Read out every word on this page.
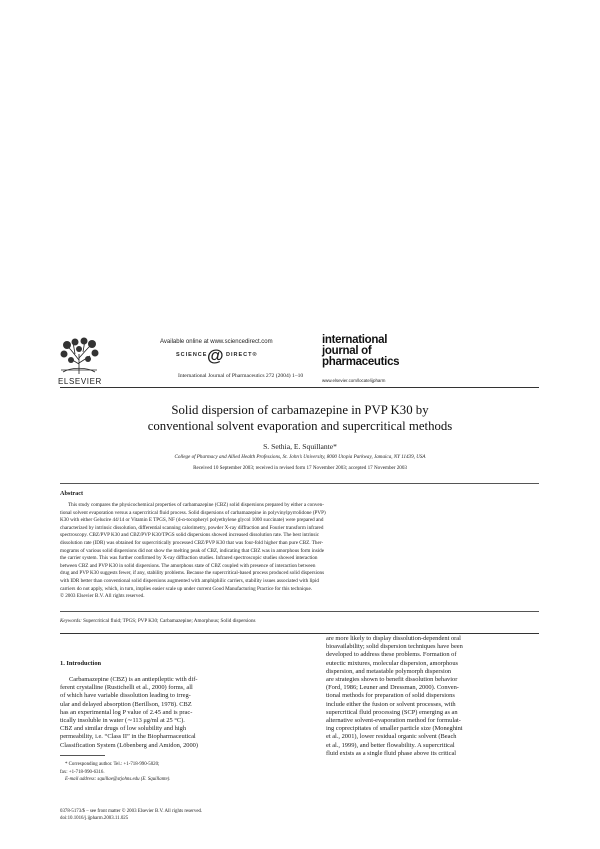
ELSEVIER
Available online at www.sciencedirect.com
SCIENCE @ DIRECT®
International Journal of Pharmaceutics 272 (2004) 1–10
international
journal of
pharmaceutics
www.elsevier.com/locate/ijpharm
Solid dispersion of carbamazepine in PVP K30 by
conventional solvent evaporation and supercritical methods
S. Sethia, E. Squillante*
College of Pharmacy and Allied Health Professions, St. John’s University, 8000 Utopia Parkway, Jamaica, NY 11439, USA
Received 10 September 2003; received in revised form 17 November 2003; accepted 17 November 2003
Abstract
This study compares the physicochemical properties of carbamazepine (CBZ) solid dispersions prepared by either a conven-
tional solvent evaporation versus a supercritical fluid process. Solid dispersions of carbamazepine in polyvinylpyrrolidone (PVP)
K30 with either Gelucire 44/14 or Vitamin E TPGS, NF (d-α-tocopheryl polyethylene glycol 1000 succinate) were prepared and
characterized by intrinsic dissolution, differential scanning calorimetry, powder X-ray diffraction and Fourier transform infrared
spectroscopy. CBZ/PVP K30 and CBZ/PVP K30/TPGS solid dispersions showed increased dissolution rate. The best intrinsic
dissolution rate (IDR) was obtained for supercritically processed CBZ/PVP K30 that was four-fold higher than pure CBZ. Ther-
mograms of various solid dispersions did not show the melting peak of CBZ, indicating that CBZ was in amorphous form inside
the carrier system. This was further confirmed by X-ray diffraction studies. Infrared spectroscopic studies showed interaction
between CBZ and PVP K30 in solid dispersions. The amorphous state of CBZ coupled with presence of interaction between
drug and PVP K30 suggests fewer, if any, stability problems. Because the supercritical-based process produced solid dispersions
with IDR better than conventional solid dispersions augmented with amphiphilic carriers, stability issues associated with lipid
carriers do not apply, which, in turn, implies easier scale up under current Good Manufacturing Practice for this technique.
© 2003 Elsevier B.V. All rights reserved.
Keywords: Supercritical fluid; TPGS; PVP K30; Carbamazepine; Amorphous; Solid dispersions
1. Introduction
Carbamazepine (CBZ) is an antiepileptic with dif-
ferent crystalline (Rustichelli et al., 2000) forms, all
of which have variable dissolution leading to irreg-
ular and delayed absorption (Berillson, 1978). CBZ
has an experimental log P value of 2.45 and is prac-
tically insoluble in water (∼113 μg/ml at 25 °C).
CBZ and similar drugs of low solubility and high
permeability, i.e. “Class II” in the Biopharmaceutical
Classification System (Löbenberg and Amidon, 2000)
* Corresponding author. Tel.: +1-718-990-5020;
fax: +1-718-990-6316.
E-mail address: squillae@stjohns.edu (E. Squillante).
are more likely to display dissolution-dependent oral
bioavailability; solid dispersion techniques have been
developed to address these problems. Formation of
eutectic mixtures, molecular dispersion, amorphous
dispersion, and metastable polymorph dispersion
are strategies shown to benefit dissolution behavior
(Ford, 1986; Leuner and Dressman, 2000). Conven-
tional methods for preparation of solid dispersions
include either the fusion or solvent processes, with
supercritical fluid processing (SCP) emerging as an
alternative solvent-evaporation method for formulat-
ing coprecipitates of smaller particle size (Moneghini
et al., 2001), lower residual organic solvent (Beach
et al., 1999), and better flowability. A supercritical
fluid exists as a single fluid phase above its critical
0378-5173/$ – see front matter © 2003 Elsevier B.V. All rights reserved.
doi:10.1016/j.ijpharm.2003.11.025
